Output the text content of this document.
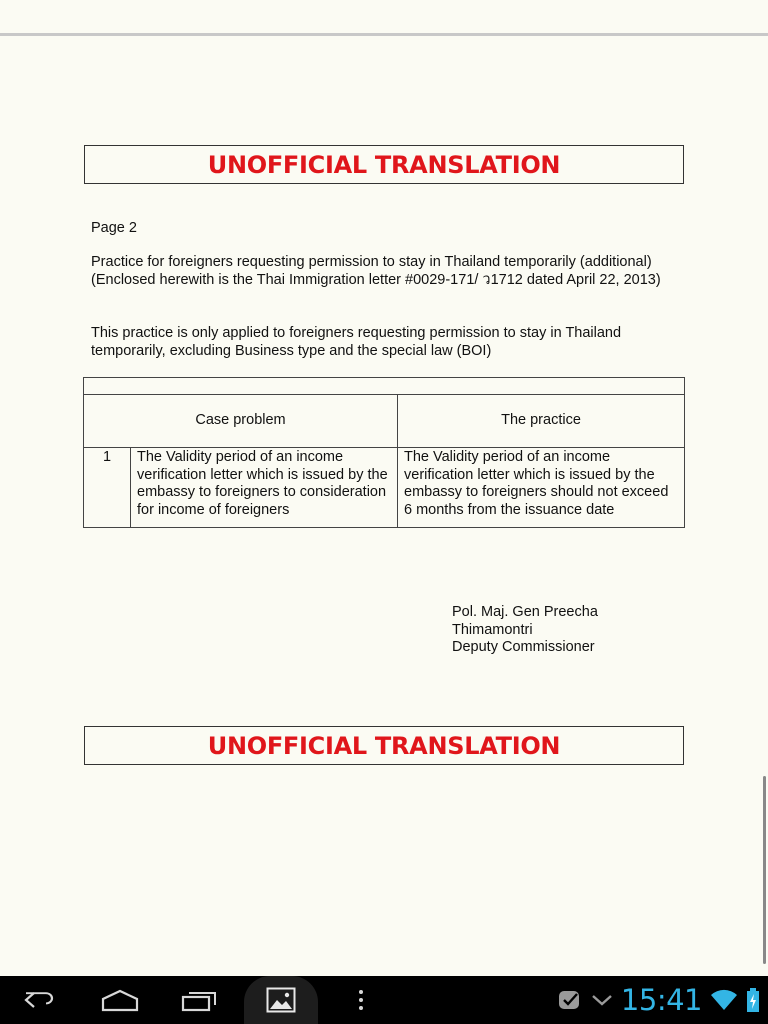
UNOFFICIAL TRANSLATION
Page 2
Practice for foreigners requesting permission to stay in Thailand temporarily (additional) (Enclosed herewith is the Thai Immigration letter #0029-171/ ว1712 dated April 22, 2013)
This practice is only applied to foreigners requesting permission to stay in Thailand temporarily, excluding Business type and the special law (BOI)

Case problem		The practice
1	The Validity period of an income verification letter which is issued by the embassy to foreigners to consideration for income of foreigners	The Validity period of an income verification letter which is issued by the embassy to foreigners should not exceed 6 months from the issuance date
Pol. Maj. Gen Preecha
Thimamontri
Deputy Commissioner
UNOFFICIAL TRANSLATION
15:41
